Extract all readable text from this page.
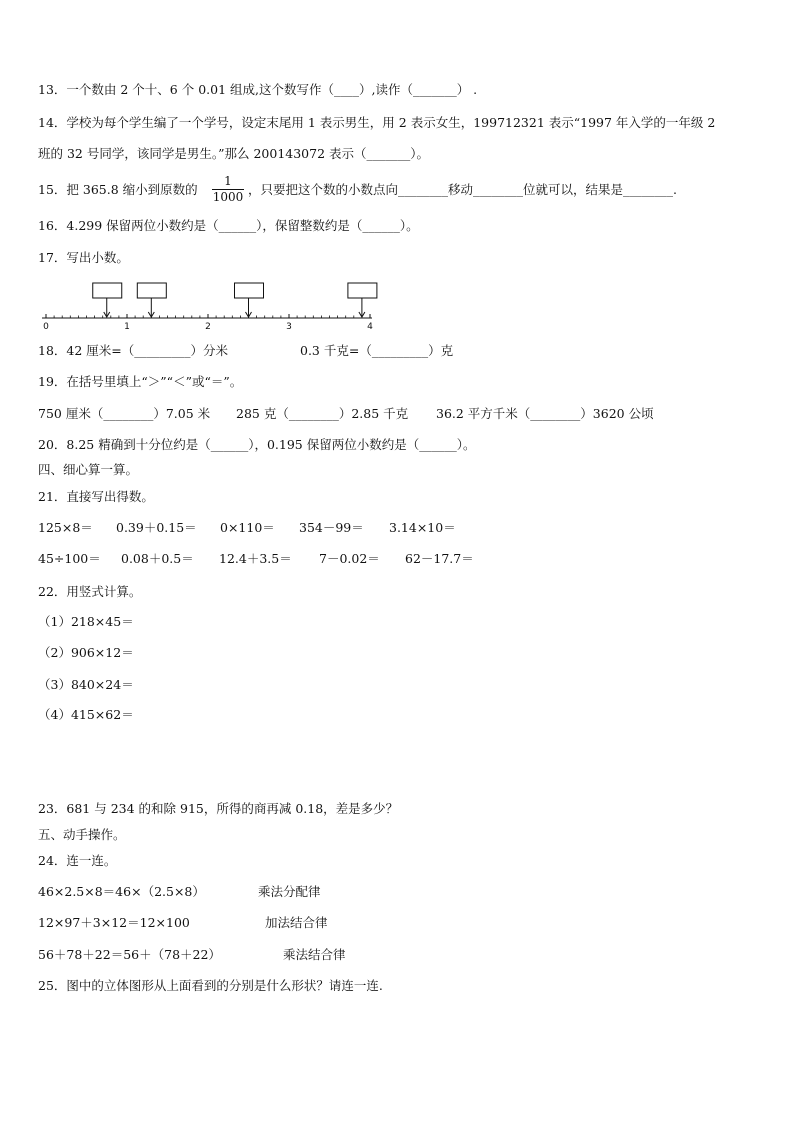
13．一个数由 2 个十、6 个 0.01 组成,这个数写作（____）,读作（_______） .
14．学校为每个学生编了一个学号，设定末尾用 1 表示男生，用 2 表示女生，199712321 表示“1997 年入学的一年级 2
班的 32 号同学，该同学是男生。”那么 200143072 表示（_______）。
15．把 365.8 缩小到原数的
1
1000 ，只要把这个数的小数点向________移动________位就可以，结果是________.
16．4.299 保留两位小数约是（______），保留整数约是（______）。
17．写出小数。
0	1	2	3	4
18．42 厘米=（_________）分米	0.3 千克=（_________）克
19．在括号里填上“＞”“＜”或“＝”。
750 厘米（________）7.05 米 285 克（________）2.85 千克 36.2 平方千米（________）3620 公顷
20．8.25 精确到十分位约是（______），0.195 保留两位小数约是（______）。
四、细心算一算。
21．直接写出得数。
125×8＝ 0.39＋0.15＝ 0×110＝ 354－99＝ 3.14×10＝
45÷100＝ 0.08＋0.5＝ 12.4＋3.5＝ 7－0.02＝ 62－17.7＝
22．用竖式计算。
（1）218×45＝
（2）906×12＝
（3）840×24＝
（4）415×62＝
23．681 与 234 的和除 915，所得的商再减 0.18，差是多少？
五、动手操作。
24．连一连。
46×2.5×8＝46×（2.5×8）	乘法分配律
12×97＋3×12＝12×100	加法结合律
56＋78＋22＝56＋（78＋22）	乘法结合律
25．图中的立体图形从上面看到的分别是什么形状？请连一连.
